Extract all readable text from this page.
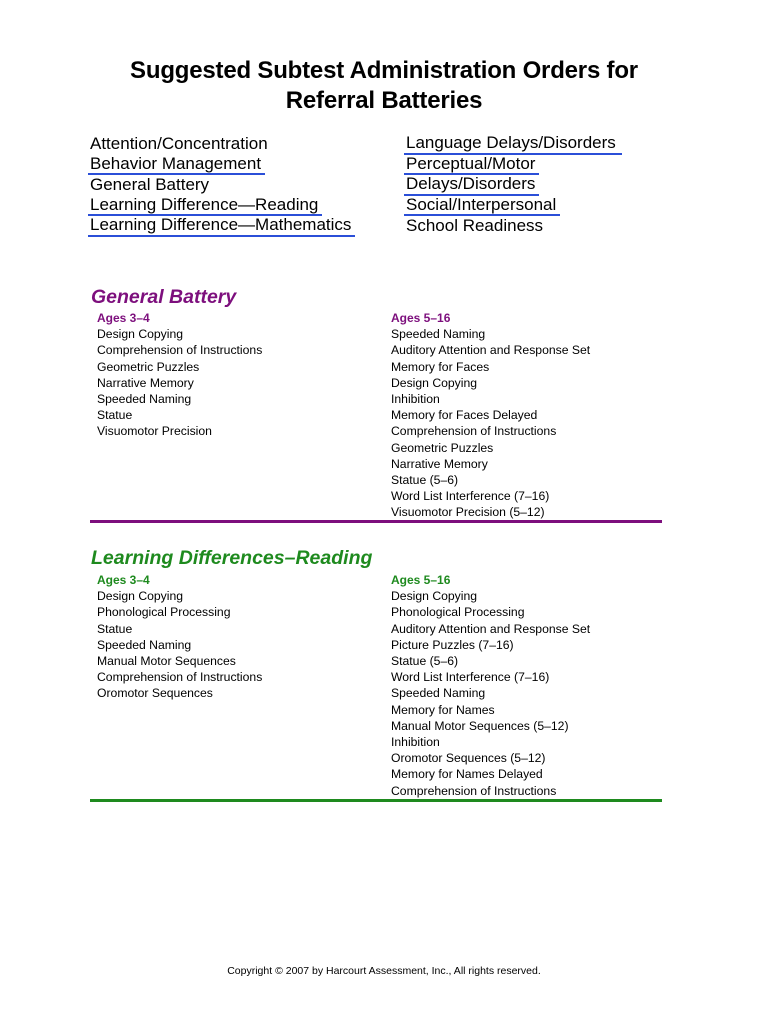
Suggested Subtest Administration Orders for
Referral Batteries
Attention/Concentration
Behavior Management
General Battery
Learning Difference—Reading
Learning Difference—Mathematics
Language Delays/Disorders
Perceptual/Motor
Delays/Disorders
Social/Interpersonal
School Readiness
General Battery
Ages 3–4
Design Copying
Comprehension of Instructions
Geometric Puzzles
Narrative Memory
Speeded Naming
Statue
Visuomotor Precision
Ages 5–16
Speeded Naming
Auditory Attention and Response Set
Memory for Faces
Design Copying
Inhibition
Memory for Faces Delayed
Comprehension of Instructions
Geometric Puzzles
Narrative Memory
Statue (5–6)
Word List Interference (7–16)
Visuomotor Precision (5–12)
Learning Differences–Reading
Ages 3–4
Design Copying
Phonological Processing
Statue
Speeded Naming
Manual Motor Sequences
Comprehension of Instructions
Oromotor Sequences
Ages 5–16
Design Copying
Phonological Processing
Auditory Attention and Response Set
Picture Puzzles (7–16)
Statue (5–6)
Word List Interference (7–16)
Speeded Naming
Memory for Names
Manual Motor Sequences (5–12)
Inhibition
Oromotor Sequences (5–12)
Memory for Names Delayed
Comprehension of Instructions
Copyright © 2007 by Harcourt Assessment, Inc., All rights reserved.
